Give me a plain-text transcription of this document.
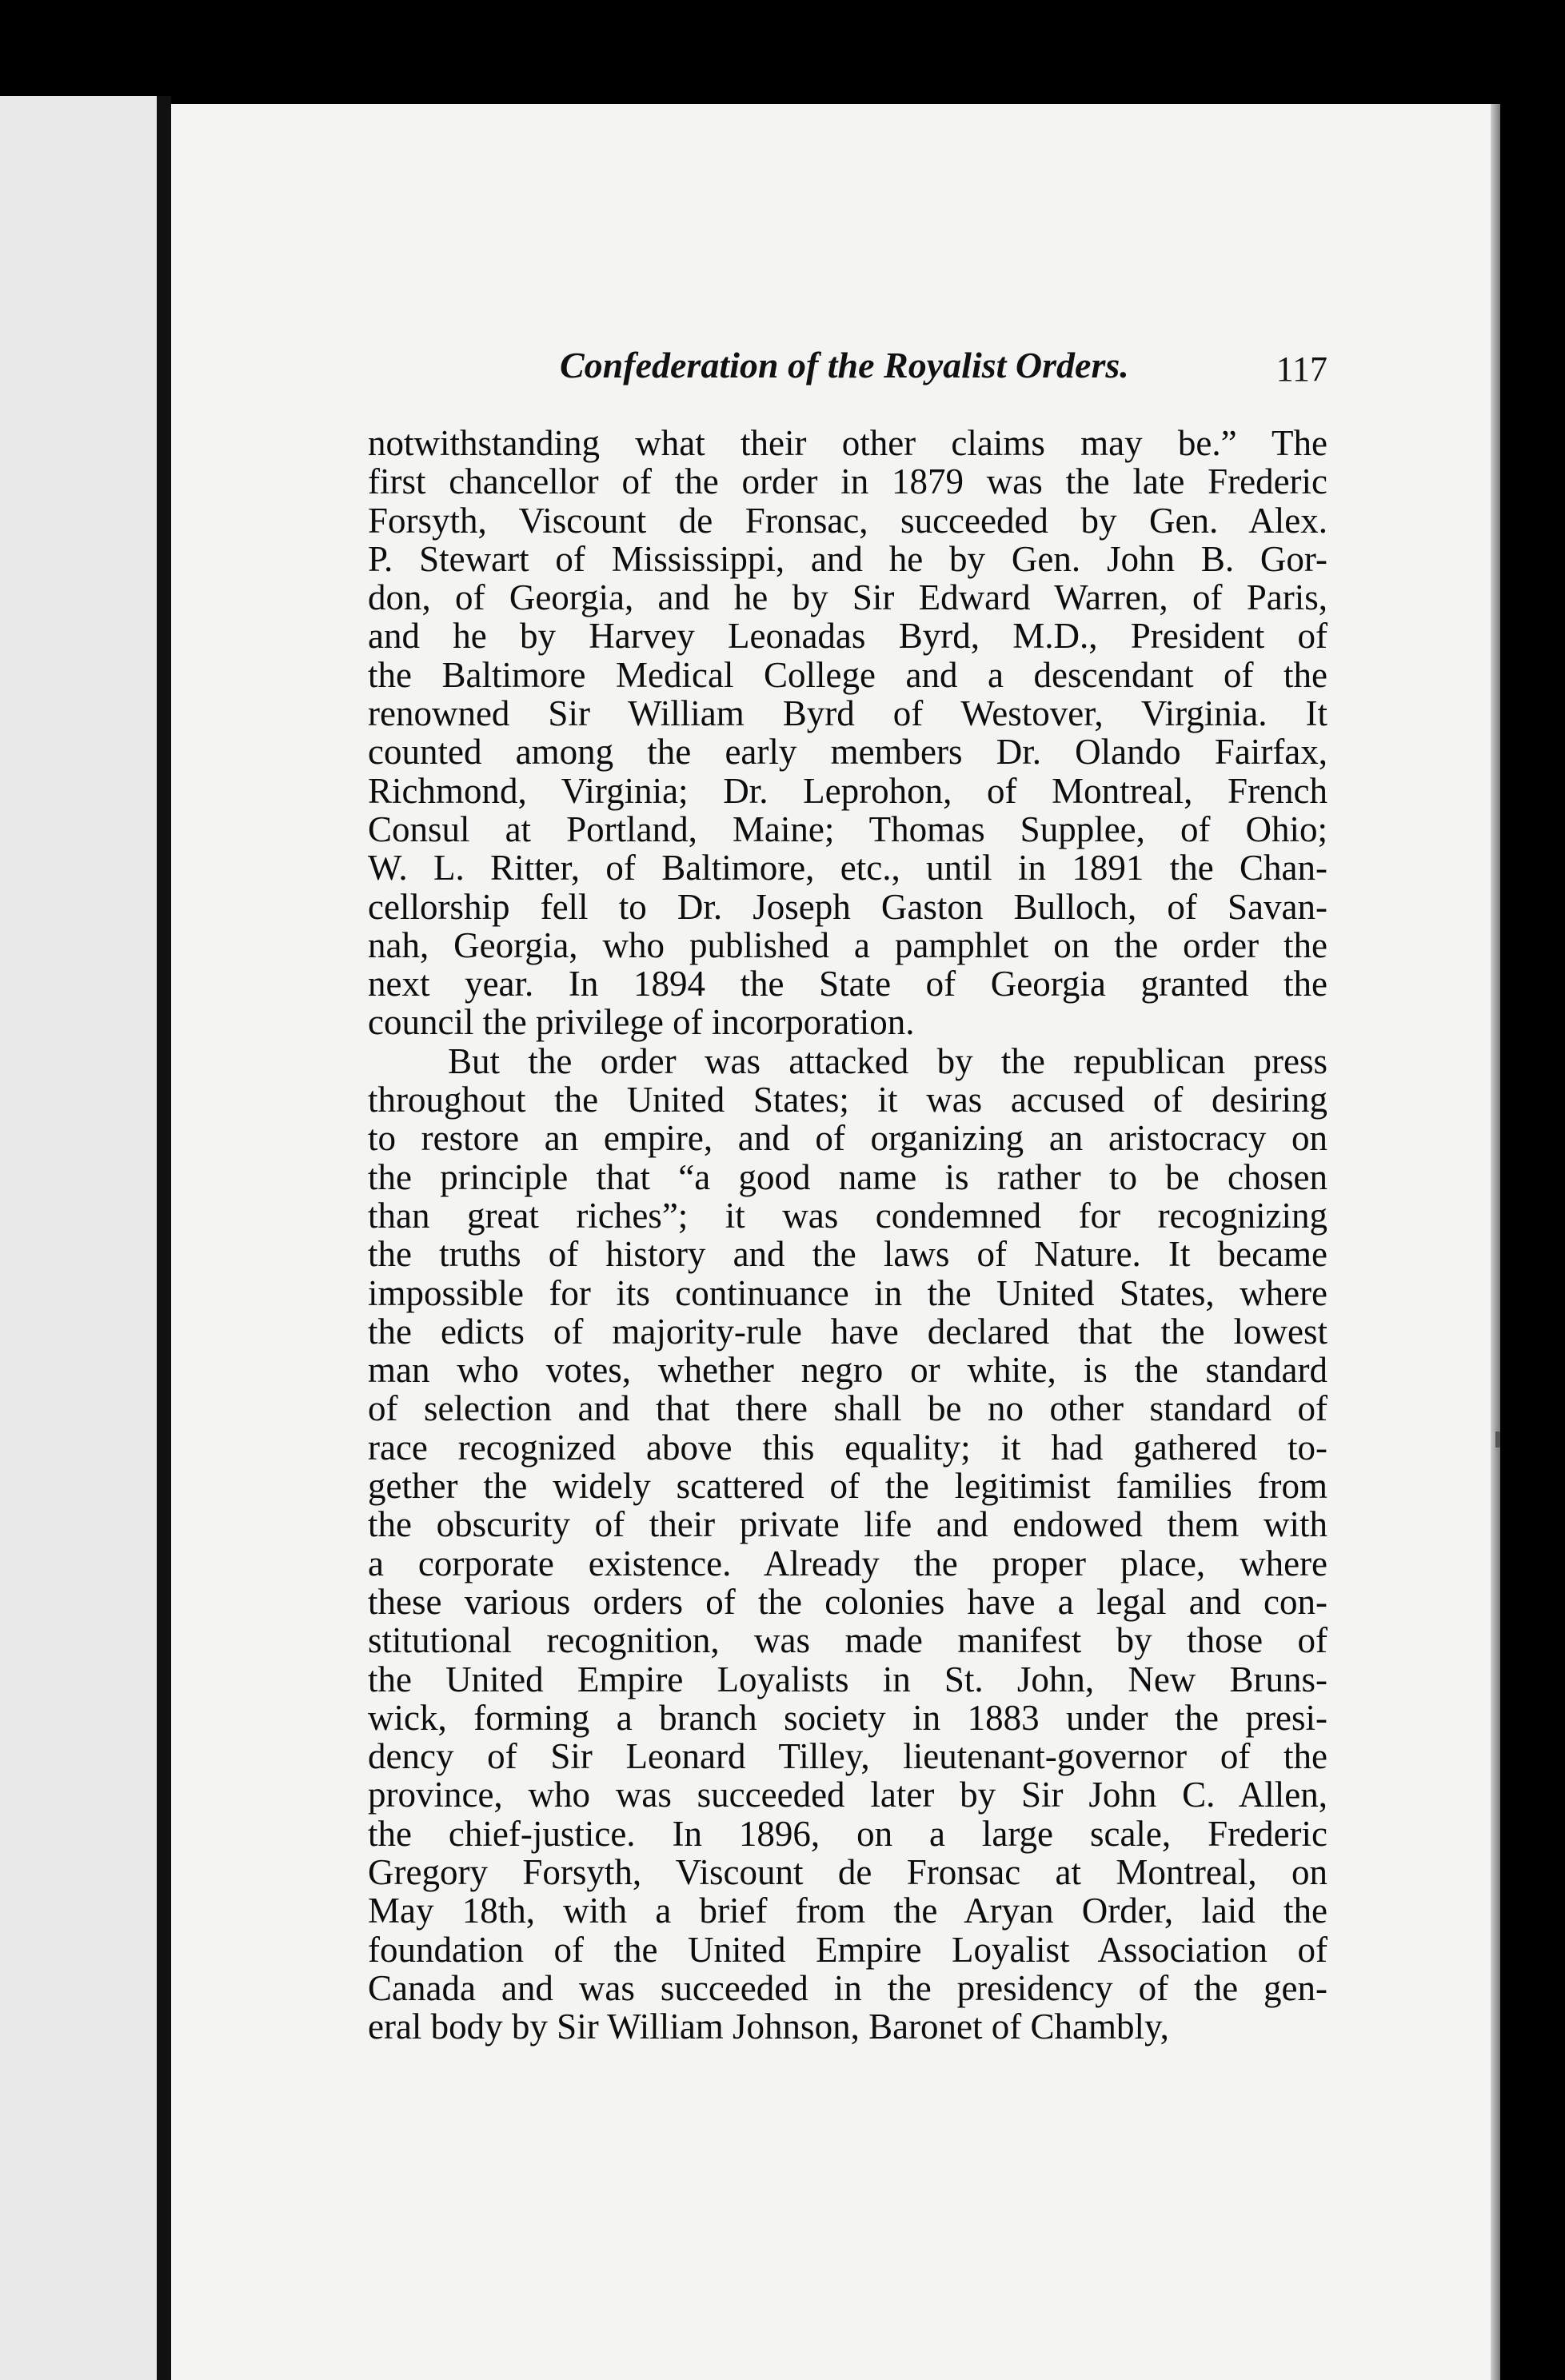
Confederation of the Royalist Orders.	117

notwithstanding what their other claims may be.” The
first chancellor of the order in 1879 was the late Frederic
Forsyth, Viscount de Fronsac, succeeded by Gen. Alex.
P. Stewart of Mississippi, and he by Gen. John B. Gor-
don, of Georgia, and he by Sir Edward Warren, of Paris,
and he by Harvey Leonadas Byrd, M.D., President of
the Baltimore Medical College and a descendant of the
renowned Sir William Byrd of Westover, Virginia. It
counted among the early members Dr. Olando Fairfax,
Richmond, Virginia; Dr. Leprohon, of Montreal, French
Consul at Portland, Maine; Thomas Supplee, of Ohio;
W. L. Ritter, of Baltimore, etc., until in 1891 the Chan-
cellorship fell to Dr. Joseph Gaston Bulloch, of Savan-
nah, Georgia, who published a pamphlet on the order the
next year. In 1894 the State of Georgia granted the
council the privilege of incorporation.

But the order was attacked by the republican press
throughout the United States; it was accused of desiring
to restore an empire, and of organizing an aristocracy on
the principle that “a good name is rather to be chosen
than great riches”; it was condemned for recognizing
the truths of history and the laws of Nature. It became
impossible for its continuance in the United States, where
the edicts of majority-rule have declared that the lowest
man who votes, whether negro or white, is the standard
of selection and that there shall be no other standard of
race recognized above this equality; it had gathered to-
gether the widely scattered of the legitimist families from
the obscurity of their private life and endowed them with
a corporate existence. Already the proper place, where
these various orders of the colonies have a legal and con-
stitutional recognition, was made manifest by those of
the United Empire Loyalists in St. John, New Bruns-
wick, forming a branch society in 1883 under the presi-
dency of Sir Leonard Tilley, lieutenant-governor of the
province, who was succeeded later by Sir John C. Allen,
the chief-justice. In 1896, on a large scale, Frederic
Gregory Forsyth, Viscount de Fronsac at Montreal, on
May 18th, with a brief from the Aryan Order, laid the
foundation of the United Empire Loyalist Association of
Canada and was succeeded in the presidency of the gen-
eral body by Sir William Johnson, Baronet of Chambly,
